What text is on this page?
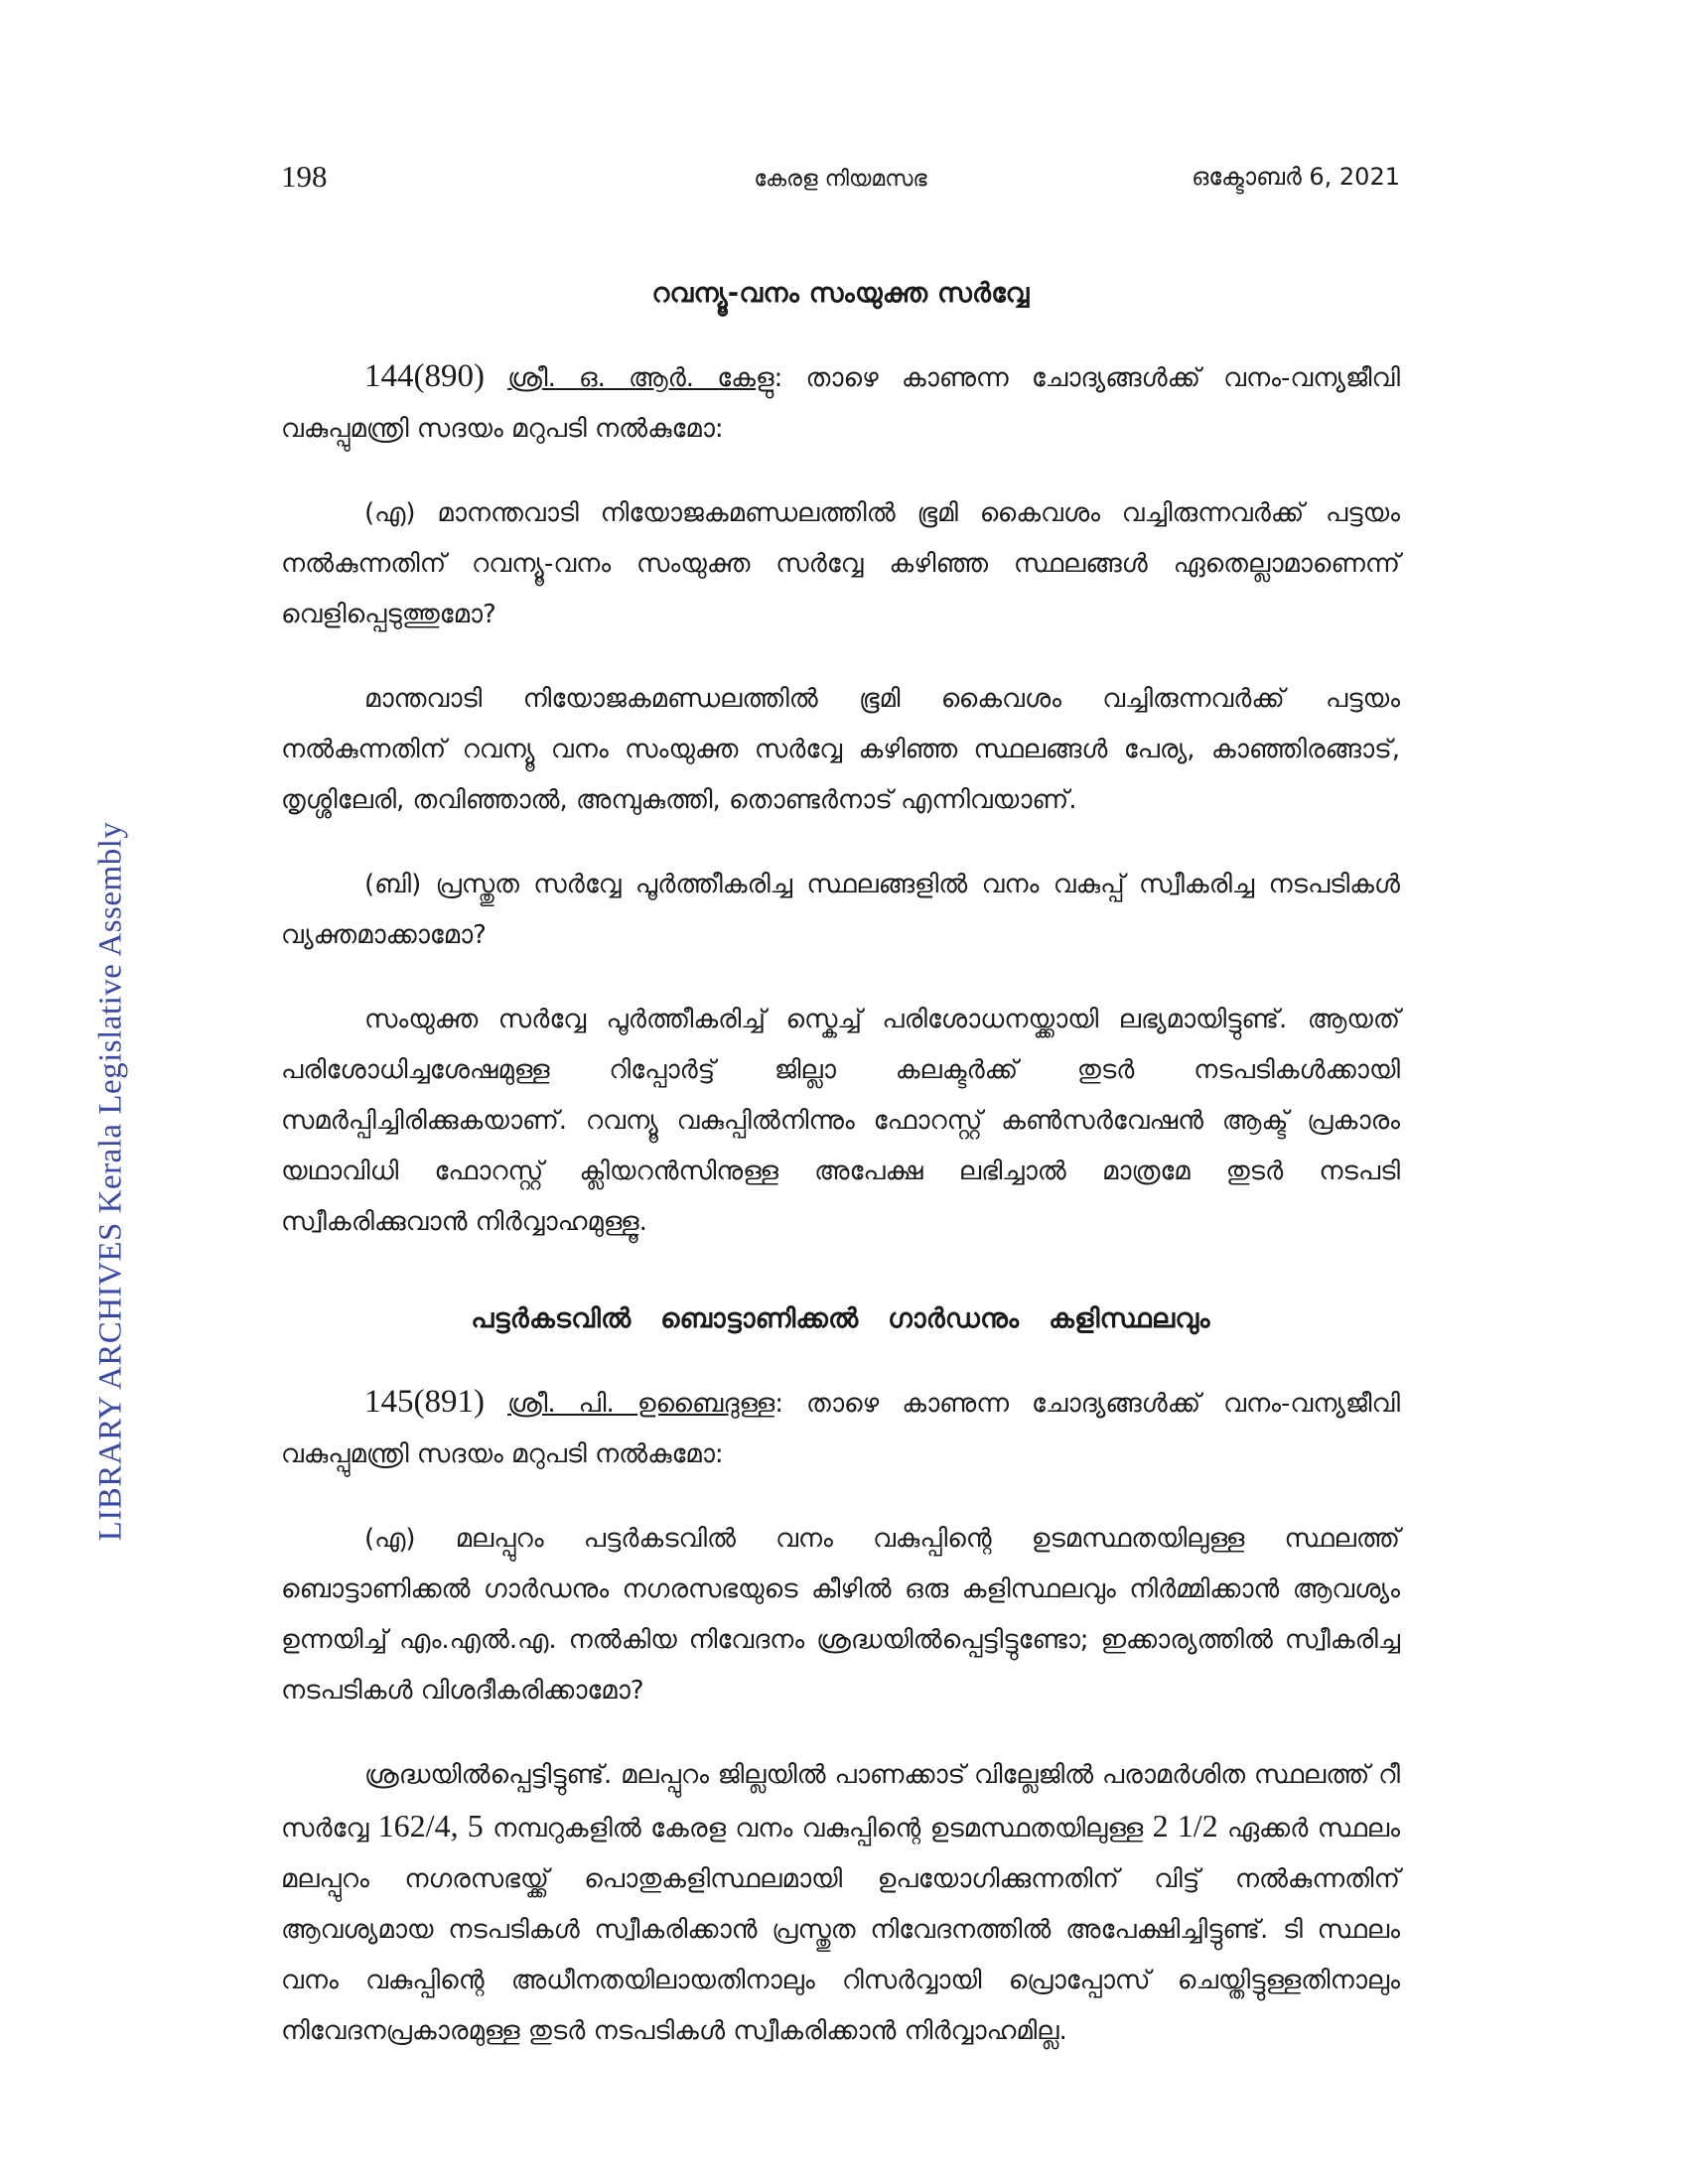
LIBRARY ARCHIVES Kerala Legislative Assembly
198	കേരള നിയമസഭ	ഒക്ടോബർ 6, 2021
റവന്യൂ-വനം സംയുക്ത സർവ്വേ

144(890) ശ്രീ. ഒ. ആർ. കേളു: താഴെ കാണുന്ന ചോദ്യങ്ങൾക്ക് വനം-വന്യജീവി വകുപ്പുമന്ത്രി സദയം മറുപടി നൽകുമോ:

(എ) മാനന്തവാടി നിയോജകമണ്ഡലത്തിൽ ഭൂമി കൈവശം വച്ചിരുന്നവർക്ക് പട്ടയം നൽകുന്നതിന് റവന്യൂ-വനം സംയുക്ത സർവ്വേ കഴിഞ്ഞ സ്ഥലങ്ങൾ ഏതെല്ലാമാണെന്ന് വെളിപ്പെടുത്തുമോ?

മാന്തവാടി നിയോജകമണ്ഡലത്തിൽ ഭൂമി കൈവശം വച്ചിരുന്നവർക്ക് പട്ടയം നൽകുന്നതിന് റവന്യൂ വനം സംയുക്ത സർവ്വേ കഴിഞ്ഞ സ്ഥലങ്ങൾ പേര്യ, കാഞ്ഞിരങ്ങാട്, തൃശ്ശിലേരി, തവിഞ്ഞാൽ, അമ്പുകുത്തി, തൊണ്ടർനാട് എന്നിവയാണ്.

(ബി) പ്രസ്തുത സർവ്വേ പൂർത്തീകരിച്ച സ്ഥലങ്ങളിൽ വനം വകുപ്പ് സ്വീകരിച്ച നടപടികൾ വ്യക്തമാക്കാമോ?

സംയുക്ത സർവ്വേ പൂർത്തീകരിച്ച് സ്കെച്ച് പരിശോധനയ്ക്കായി ലഭ്യമായിട്ടുണ്ട്. ആയത് പരിശോധിച്ചശേഷമുള്ള റിപ്പോർട്ട് ജില്ലാ കലക്ടർക്ക് തുടർ നടപടികൾക്കായി സമർപ്പിച്ചിരിക്കുകയാണ്. റവന്യൂ വകുപ്പിൽനിന്നും ഫോറസ്റ്റ് കൺസർവേഷൻ ആക്ട് പ്രകാരം യഥാവിധി ഫോറസ്റ്റ് ക്ലിയറൻസിനുള്ള അപേക്ഷ ലഭിച്ചാൽ മാത്രമേ തുടർ നടപടി സ്വീകരിക്കുവാൻ നിർവ്വാഹമുള്ളൂ.

പട്ടർകടവിൽ ബൊട്ടാണിക്കൽ ഗാർഡനും കളിസ്ഥലവും

145(891) ശ്രീ. പി. ഉബൈദുള്ള: താഴെ കാണുന്ന ചോദ്യങ്ങൾക്ക് വനം-വന്യജീവി വകുപ്പുമന്ത്രി സദയം മറുപടി നൽകുമോ:

(എ) മലപ്പുറം പട്ടർകടവിൽ വനം വകുപ്പിന്റെ ഉടമസ്ഥതയിലുള്ള സ്ഥലത്ത് ബൊട്ടാണിക്കൽ ഗാർഡനും നഗരസഭയുടെ കീഴിൽ ഒരു കളിസ്ഥലവും നിർമ്മിക്കാൻ ആവശ്യം ഉന്നയിച്ച് എം.എൽ.എ. നൽകിയ നിവേദനം ശ്രദ്ധയിൽപ്പെട്ടിട്ടുണ്ടോ; ഇക്കാര്യത്തിൽ സ്വീകരിച്ച നടപടികൾ വിശദീകരിക്കാമോ?

ശ്രദ്ധയിൽപ്പെട്ടിട്ടുണ്ട്. മലപ്പുറം ജില്ലയിൽ പാണക്കാട് വില്ലേജിൽ പരാമർശിത സ്ഥലത്ത് റീ സർവ്വേ 162/4, 5 നമ്പറുകളിൽ കേരള വനം വകുപ്പിന്റെ ഉടമസ്ഥതയിലുള്ള 2 1/2 ഏക്കർ സ്ഥലം മലപ്പുറം നഗരസഭയ്ക്ക് പൊതുകളിസ്ഥലമായി ഉപയോഗിക്കുന്നതിന് വിട്ട് നൽകുന്നതിന് ആവശ്യമായ നടപടികൾ സ്വീകരിക്കാൻ പ്രസ്തുത നിവേദനത്തിൽ അപേക്ഷിച്ചിട്ടുണ്ട്. ടി സ്ഥലം വനം വകുപ്പിന്റെ അധീനതയിലായതിനാലും റിസർവ്വായി പ്രൊപ്പോസ് ചെയ്തിട്ടുള്ളതിനാലും നിവേദനപ്രകാരമുള്ള തുടർ നടപടികൾ സ്വീകരിക്കാൻ നിർവ്വാഹമില്ല.
